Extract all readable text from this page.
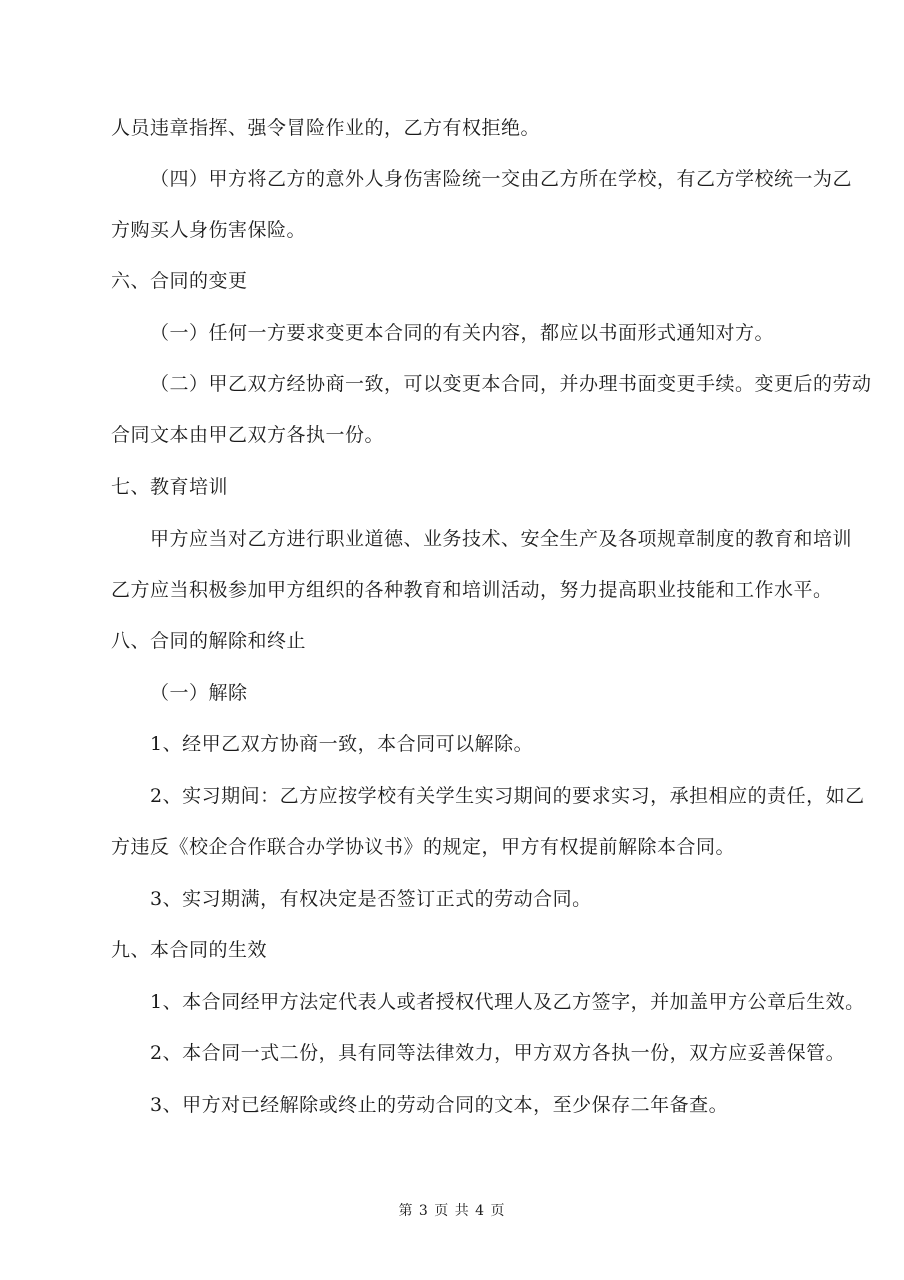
人员违章指挥、强令冒险作业的，乙方有权拒绝。
（四）甲方将乙方的意外人身伤害险统一交由乙方所在学校，有乙方学校统一为乙
方购买人身伤害保险。
六、合同的变更
（一）任何一方要求变更本合同的有关内容，都应以书面形式通知对方。
（二）甲乙双方经协商一致，可以变更本合同，并办理书面变更手续。变更后的劳动
合同文本由甲乙双方各执一份。
七、教育培训
甲方应当对乙方进行职业道德、业务技术、安全生产及各项规章制度的教育和培训
乙方应当积极参加甲方组织的各种教育和培训活动，努力提高职业技能和工作水平。
八、合同的解除和终止
（一）解除
1、经甲乙双方协商一致，本合同可以解除。
2、实习期间：乙方应按学校有关学生实习期间的要求实习，承担相应的责任，如乙
方违反《校企合作联合办学协议书》的规定，甲方有权提前解除本合同。
3、实习期满，有权决定是否签订正式的劳动合同。
九、本合同的生效
1、本合同经甲方法定代表人或者授权代理人及乙方签字，并加盖甲方公章后生效。
2、本合同一式二份，具有同等法律效力，甲方双方各执一份，双方应妥善保管。
3、甲方对已经解除或终止的劳动合同的文本，至少保存二年备查。
第 3 页 共 4 页
